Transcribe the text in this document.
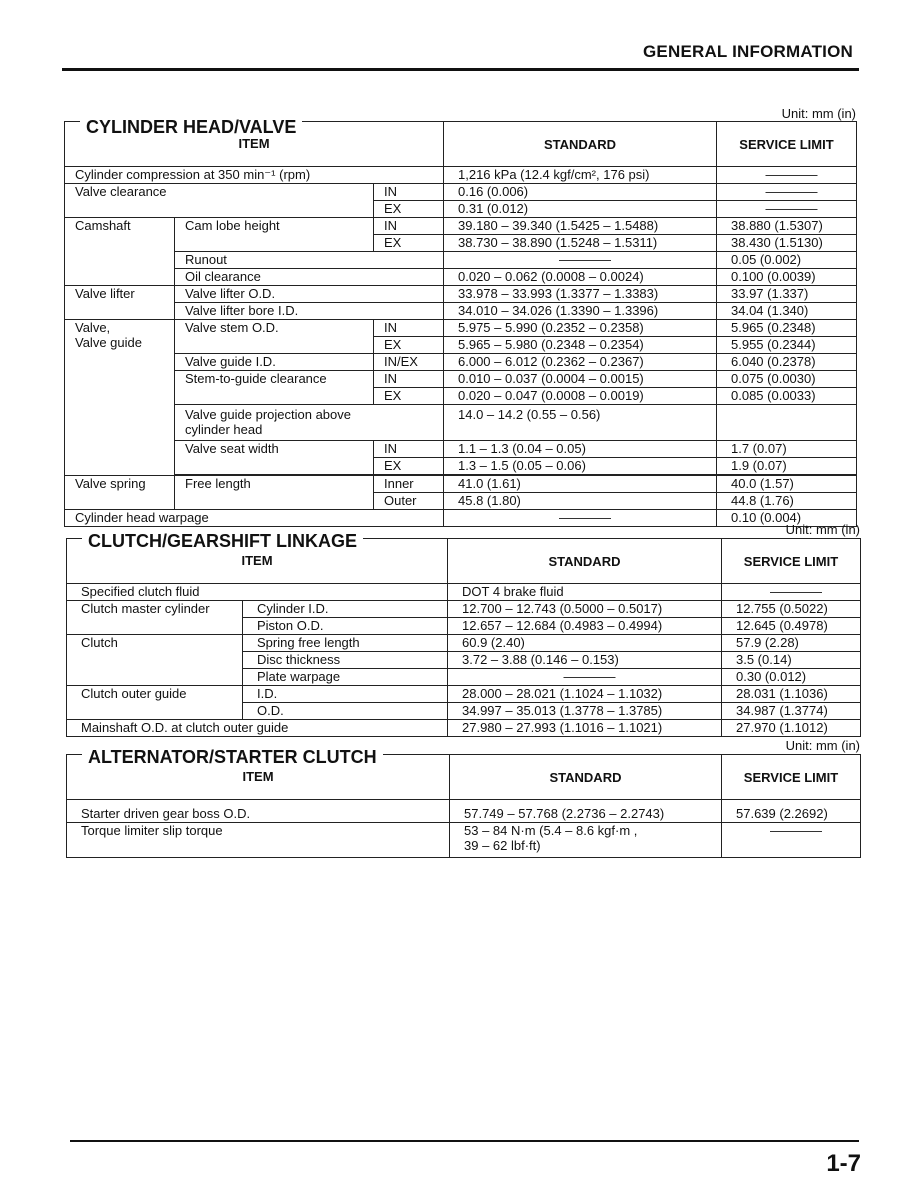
GENERAL INFORMATION
Unit: mm (in)
CYLINDER HEAD/VALVE
ITEM			STANDARD	SERVICE LIMIT
Cylinder compression at 350 min⁻¹ (rpm)			1,216 kPa (12.4 kgf/cm², 176 psi)	————
Valve clearance		IN	0.16 (0.006)	————
		EX	0.31 (0.012)	————
Camshaft	Cam lobe height	IN	39.180 – 39.340 (1.5425 – 1.5488)	38.880 (1.5307)
		EX	38.730 – 38.890 (1.5248 – 1.5311)	38.430 (1.5130)
	Runout		————	0.05 (0.002)
	Oil clearance		0.020 – 0.062 (0.0008 – 0.0024)	0.100 (0.0039)
Valve lifter	Valve lifter O.D.		33.978 – 33.993 (1.3377 – 1.3383)	33.97 (1.337)
	Valve lifter bore I.D.		34.010 – 34.026 (1.3390 – 1.3396)	34.04 (1.340)
Valve,
Valve guide	Valve stem O.D.	IN	5.975 – 5.990 (0.2352 – 0.2358)	5.965 (0.2348)
		EX	5.965 – 5.980 (0.2348 – 0.2354)	5.955 (0.2344)
	Valve guide I.D.	IN/EX	6.000 – 6.012 (0.2362 – 0.2367)	6.040 (0.2378)
	Stem-to-guide clearance	IN	0.010 – 0.037 (0.0004 – 0.0015)	0.075 (0.0030)
		EX	0.020 – 0.047 (0.0008 – 0.0019)	0.085 (0.0033)
	Valve guide projection above cylinder head		14.0 – 14.2 (0.55 – 0.56)	
	Valve seat width	IN	1.1 – 1.3 (0.04 – 0.05)	1.7 (0.07)
		EX	1.3 – 1.5 (0.05 – 0.06)	1.9 (0.07)

Valve spring	Free length	Inner	41.0 (1.61)	40.0 (1.57)
		Outer	45.8 (1.80)	44.8 (1.76)
Cylinder head warpage			————	0.10 (0.004)
Unit: mm (in)
CLUTCH/GEARSHIFT LINKAGE
ITEM		STANDARD	SERVICE LIMIT
Specified clutch fluid		DOT 4 brake fluid	————
Clutch master cylinder	Cylinder I.D.	12.700 – 12.743 (0.5000 – 0.5017)	12.755 (0.5022)
	Piston O.D.	12.657 – 12.684 (0.4983 – 0.4994)	12.645 (0.4978)
Clutch	Spring free length	60.9 (2.40)	57.9 (2.28)
	Disc thickness	3.72 – 3.88 (0.146 – 0.153)	3.5 (0.14)
	Plate warpage	————	0.30 (0.012)
Clutch outer guide	I.D.	28.000 – 28.021 (1.1024 – 1.1032)	28.031 (1.1036)
	O.D.	34.997 – 35.013 (1.3778 – 1.3785)	34.987 (1.3774)
Mainshaft O.D. at clutch outer guide		27.980 – 27.993 (1.1016 – 1.1021)	27.970 (1.1012)
Unit: mm (in)
ALTERNATOR/STARTER CLUTCH
ITEM	STANDARD	SERVICE LIMIT
Starter driven gear boss O.D.	57.749 – 57.768 (2.2736 – 2.2743)	57.639 (2.2692)
Torque limiter slip torque	53 – 84 N·m (5.4 – 8.6 kgf·m ,
39 – 62 lbf·ft)	————
1-7
